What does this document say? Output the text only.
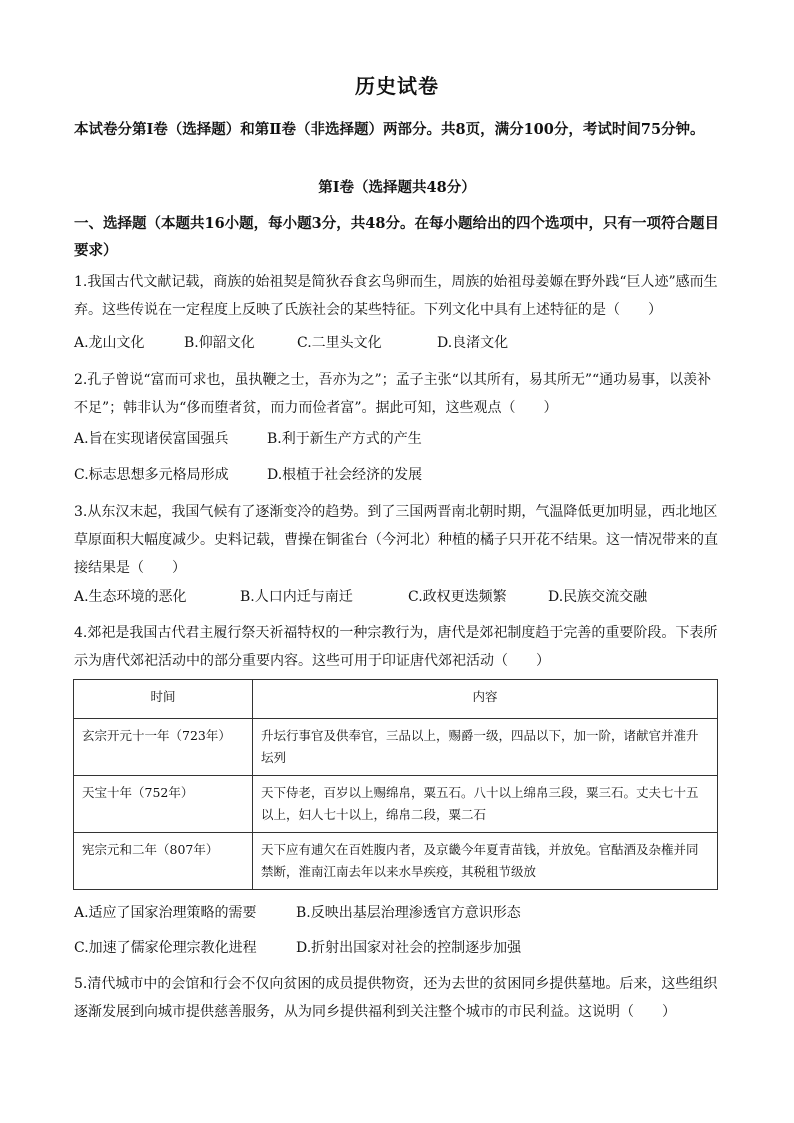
历史试卷
本试卷分第Ⅰ卷（选择题）和第Ⅱ卷（非选择题）两部分。共8页，满分100分，考试时间75分钟。
第Ⅰ卷（选择题共48分）
一、选择题（本题共16小题，每小题3分，共48分。在每小题给出的四个选项中，只有一项符合题目要求）
1.我国古代文献记载，商族的始祖契是简狄吞食玄鸟卵而生，周族的始祖母姜嫄在野外践“巨人迹”感而生弃。这些传说在一定程度上反映了氏族社会的某些特征。下列文化中具有上述特征的是（　　）
A.龙山文化	B.仰韶文化	C.二里头文化	D.良渚文化
2.孔子曾说“富而可求也，虽执鞭之士，吾亦为之”；孟子主张“以其所有，易其所无”“通功易事，以羡补不足”；韩非认为“侈而堕者贫，而力而俭者富”。据此可知，这些观点（　　）
A.旨在实现诸侯富国强兵	B.利于新生产方式的产生
C.标志思想多元格局形成	D.根植于社会经济的发展
3.从东汉末起，我国气候有了逐渐变冷的趋势。到了三国两晋南北朝时期，气温降低更加明显，西北地区草原面积大幅度减少。史料记载，曹操在铜雀台（今河北）种植的橘子只开花不结果。这一情况带来的直接结果是（　　）
A.生态环境的恶化	B.人口内迁与南迁	C.政权更迭频繁	D.民族交流交融
4.郊祀是我国古代君主履行祭天祈福特权的一种宗教行为，唐代是郊祀制度趋于完善的重要阶段。下表所示为唐代郊祀活动中的部分重要内容。这些可用于印证唐代郊祀活动（　　）
时间	内容
玄宗开元十一年（723年）	升坛行事官及供奉官，三品以上，赐爵一级，四品以下，加一阶，诸献官并准升坛列
天宝十年（752年）	天下侍老，百岁以上赐绵帛，粟五石。八十以上绵帛三段，粟三石。丈夫七十五以上，妇人七十以上，绵帛二段，粟二石
宪宗元和二年（807年）	天下应有逋欠在百姓腹内者，及京畿今年夏青苗钱，并放免。官酤酒及杂権并同禁断，淮南江南去年以来水旱疾疫，其税租节级放
A.适应了国家治理策略的需要	B.反映出基层治理渗透官方意识形态
C.加速了儒家伦理宗教化进程	D.折射出国家对社会的控制逐步加强
5.清代城市中的会馆和行会不仅向贫困的成员提供物资，还为去世的贫困同乡提供墓地。后来，这些组织逐渐发展到向城市提供慈善服务，从为同乡提供福利到关注整个城市的市民利益。这说明（　　）
